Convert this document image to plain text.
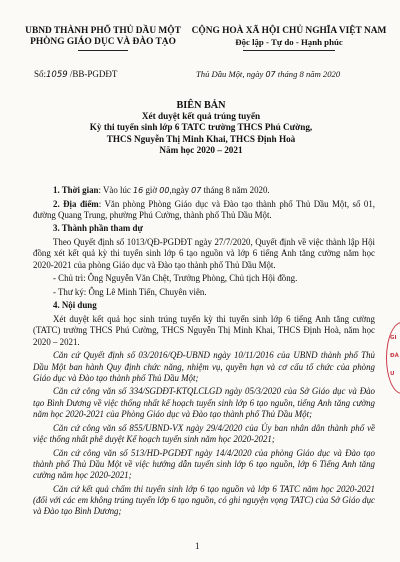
UBND THÀNH PHỐ THỦ DẦU MỘT
PHÒNG GIÁO DỤC VÀ ĐÀO TẠO
CỘNG HOÀ XÃ HỘI CHỦ NGHĨA VIỆT NAM
Độc lập - Tự do - Hạnh phúc
Số:1059 /BB-PGDĐT	Thủ Dầu Một, ngày 07 tháng 8 năm 2020
BIÊN BẢN
Xét duyệt kết quả trúng tuyển
Kỳ thi tuyển sinh lớp 6 TATC trường THCS Phú Cường,
THCS Nguyễn Thị Minh Khai, THCS Định Hoà
Năm học 2020 – 2021

1. Thời gian: Vào lúc 16 giờ 00,ngày 07 tháng 8 năm 2020.

2. Địa điểm: Văn phòng Phòng Giáo dục và Đào tạo thành phố Thủ Dầu Một, số 01, đường Quang Trung, phường Phú Cường, thành phố Thủ Dầu Một.

3. Thành phần tham dự

Theo Quyết định số 1013/QĐ-PGDĐT ngày 27/7/2020, Quyết định về việc thành lập Hội đồng xét kết quả kỳ thi tuyển sinh lớp 6 tạo nguồn và lớp 6 tiếng Anh tăng cường năm học 2020-2021 của phòng Giáo dục và Đào tạo thành phố Thủ Dầu Một.

- Chủ trì: Ông Nguyễn Văn Chệt, Trưởng Phòng, Chủ tịch Hội đồng.

- Thư ký: Ông Lê Minh Tiến, Chuyên viên.

4. Nội dung

Xét duyệt kết quả học sinh trúng tuyển kỳ thi tuyển sinh lớp 6 tiếng Anh tăng cường (TATC) trường THCS Phú Cường, THCS Nguyễn Thị Minh Khai, THCS Định Hoà, năm học 2020 – 2021.

Căn cứ Quyết định số 03/2016/QĐ-UBND ngày 10/11/2016 của UBND thành phố Thủ Dầu Một ban hành Quy định chức năng, nhiệm vụ, quyền hạn và cơ cấu tổ chức của phòng Giáo dục và Đào tạo thành phố Thủ Dầu Một;

Căn cứ công văn số 334/SGDĐT-KTQLCLGD ngày 05/3/2020 của Sở Giáo dục và Đào tạo Bình Dương về việc thống nhất kế hoạch tuyển sinh lớp 6 tạo nguồn, tiếng Anh tăng cường năm học 2020-2021 của Phòng Giáo dục và Đào tạo thành phố Thủ Dầu Một;

Căn cứ công văn số 855/UBND-VX ngày 29/4/2020 của Ủy ban nhân dân thành phố về việc thống nhất phê duyệt Kế hoạch tuyển sinh năm học 2020-2021;

Căn cứ công văn số 513/HD-PGDĐT ngày 14/4/2020 của phòng Giáo dục và Đào tạo thành phố Thủ Dầu Một về việc hướng dẫn tuyển sinh lớp 6 tạo nguồn, lớp 6 Tiếng Anh tăng cường năm học 2020-2021;

Căn cứ kết quả chấm thi tuyển sinh lớp 6 tạo nguồn và lớp 6 TATC năm học 2020-2021 (đối với các em không trúng tuyển lớp 6 tạo nguồn, có ghi nguyện vọng TATC) của Sở Giáo dục và Đào tạo Bình Dương;

1
GI
ĐÀ
U
